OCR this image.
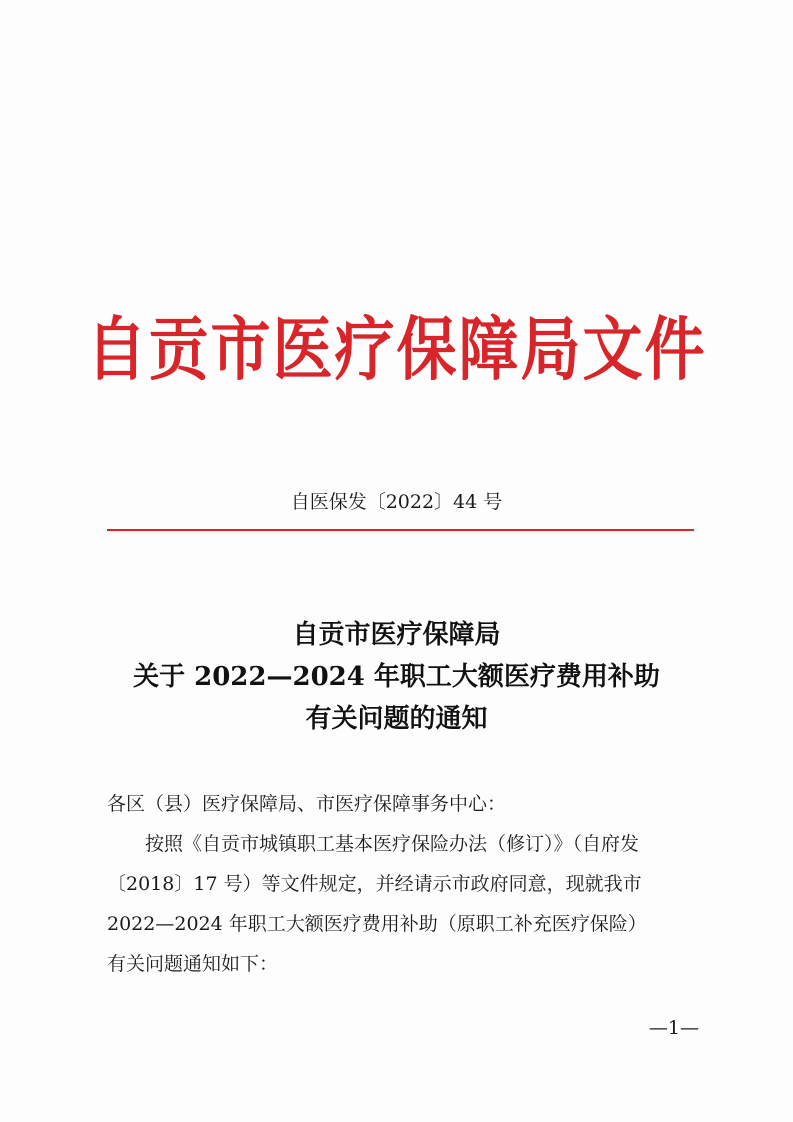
自贡市医疗保障局文件
自医保发〔2022〕44 号
自贡市医疗保障局
关于 2022—2024 年职工大额医疗费用补助
有关问题的通知
各区（县）医疗保障局、市医疗保障事务中心：
按照《自贡市城镇职工基本医疗保险办法（修订）》（自府发
〔2018〕17 号）等文件规定，并经请示市政府同意，现就我市
2022—2024 年职工大额医疗费用补助（原职工补充医疗保险）
有关问题通知如下：
—1—
